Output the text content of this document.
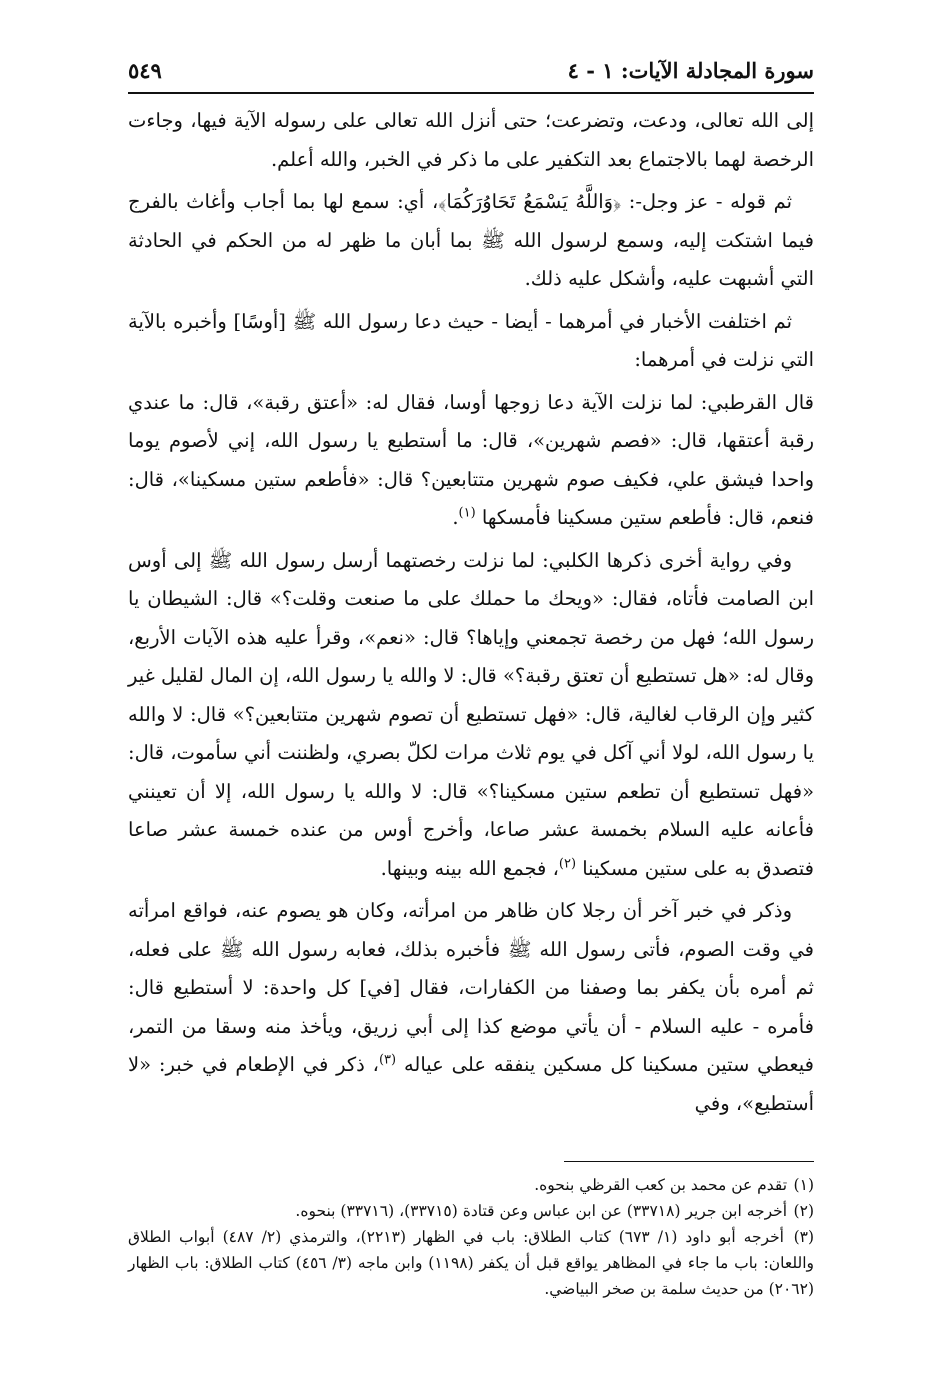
سورة المجادلة الآيات: ١ - ٤
٥٤٩

إلى الله تعالى، ودعت، وتضرعت؛ حتى أنزل الله تعالى على رسوله الآية فيها، وجاءت الرخصة لهما بالاجتماع بعد التكفير على ما ذكر في الخبر، والله أعلم.

ثم قوله - عز وجل-: ﴿وَاللَّهُ يَسْمَعُ تَحَاوُرَكُمَا﴾، أي: سمع لها بما أجاب وأغاث بالفرج فيما اشتكت إليه، وسمع لرسول الله ﷺ بما أبان ما ظهر له من الحكم في الحادثة التي أشبهت عليه، وأشكل عليه ذلك.

ثم اختلفت الأخبار في أمرهما - أيضا - حيث دعا رسول الله ﷺ [أوسًا] وأخبره بالآية التي نزلت في أمرهما:

قال القرطبي: لما نزلت الآية دعا زوجها أوسا، فقال له: «أعتق رقبة»، قال: ما عندي رقبة أعتقها، قال: «فصم شهرين»، قال: ما أستطيع يا رسول الله، إني لأصوم يوما واحدا فيشق علي، فكيف صوم شهرين متتابعين؟ قال: «فأطعم ستين مسكينا»، قال: فنعم، قال: فأطعم ستين مسكينا فأمسكها $^{(١)}$.

وفي رواية أخرى ذكرها الكلبي: لما نزلت رخصتهما أرسل رسول الله ﷺ إلى أوس ابن الصامت فأتاه، فقال: «ويحك ما حملك على ما صنعت وقلت؟» قال: الشيطان يا رسول الله؛ فهل من رخصة تجمعني وإياها؟ قال: «نعم»، وقرأ عليه هذه الآيات الأربع، وقال له: «هل تستطيع أن تعتق رقبة؟» قال: لا والله يا رسول الله، إن المال لقليل غير كثير وإن الرقاب لغالية، قال: «فهل تستطيع أن تصوم شهرين متتابعين؟» قال: لا والله يا رسول الله، لولا أني آكل في يوم ثلاث مرات لكلّ بصري، ولظننت أني سأموت، قال: «فهل تستطيع أن تطعم ستين مسكينا؟» قال: لا والله يا رسول الله، إلا أن تعينني فأعانه عليه السلام بخمسة عشر صاعا، وأخرج أوس من عنده خمسة عشر صاعا فتصدق به على ستين مسكينا $^{(٢)}$، فجمع الله بينه وبينها.

وذكر في خبر آخر أن رجلا كان ظاهر من امرأته، وكان هو يصوم عنه، فواقع امرأته في وقت الصوم، فأتى رسول الله ﷺ فأخبره بذلك، فعابه رسول الله ﷺ على فعله، ثم أمره بأن يكفر بما وصفنا من الكفارات، فقال [في] كل واحدة: لا أستطيع قال: فأمره - عليه السلام - أن يأتي موضع كذا إلى أبي زريق، ويأخذ منه وسقا من التمر، فيعطي ستين مسكينا كل مسكين ينفقه على عياله $^{(٣)}$، ذكر في الإطعام في خبر: «لا أستطيع»، وفي

(١) تقدم عن محمد بن كعب القرظي بنحوه.

(٢) أخرجه ابن جرير (٣٣٧١٨) عن ابن عباس وعن قتادة (٣٣٧١٥)، (٣٣٧١٦) بنحوه.

(٣) أخرجه أبو داود (١/ ٦٧٣) كتاب الطلاق: باب في الظهار (٢٢١٣)، والترمذي (٢/ ٤٨٧) أبواب الطلاق واللعان: باب ما جاء في المظاهر يواقع قبل أن يكفر (١١٩٨) وابن ماجه (٣/ ٤٥٦) كتاب الطلاق: باب الظهار (٢٠٦٢) من حديث سلمة بن صخر البياضي.
